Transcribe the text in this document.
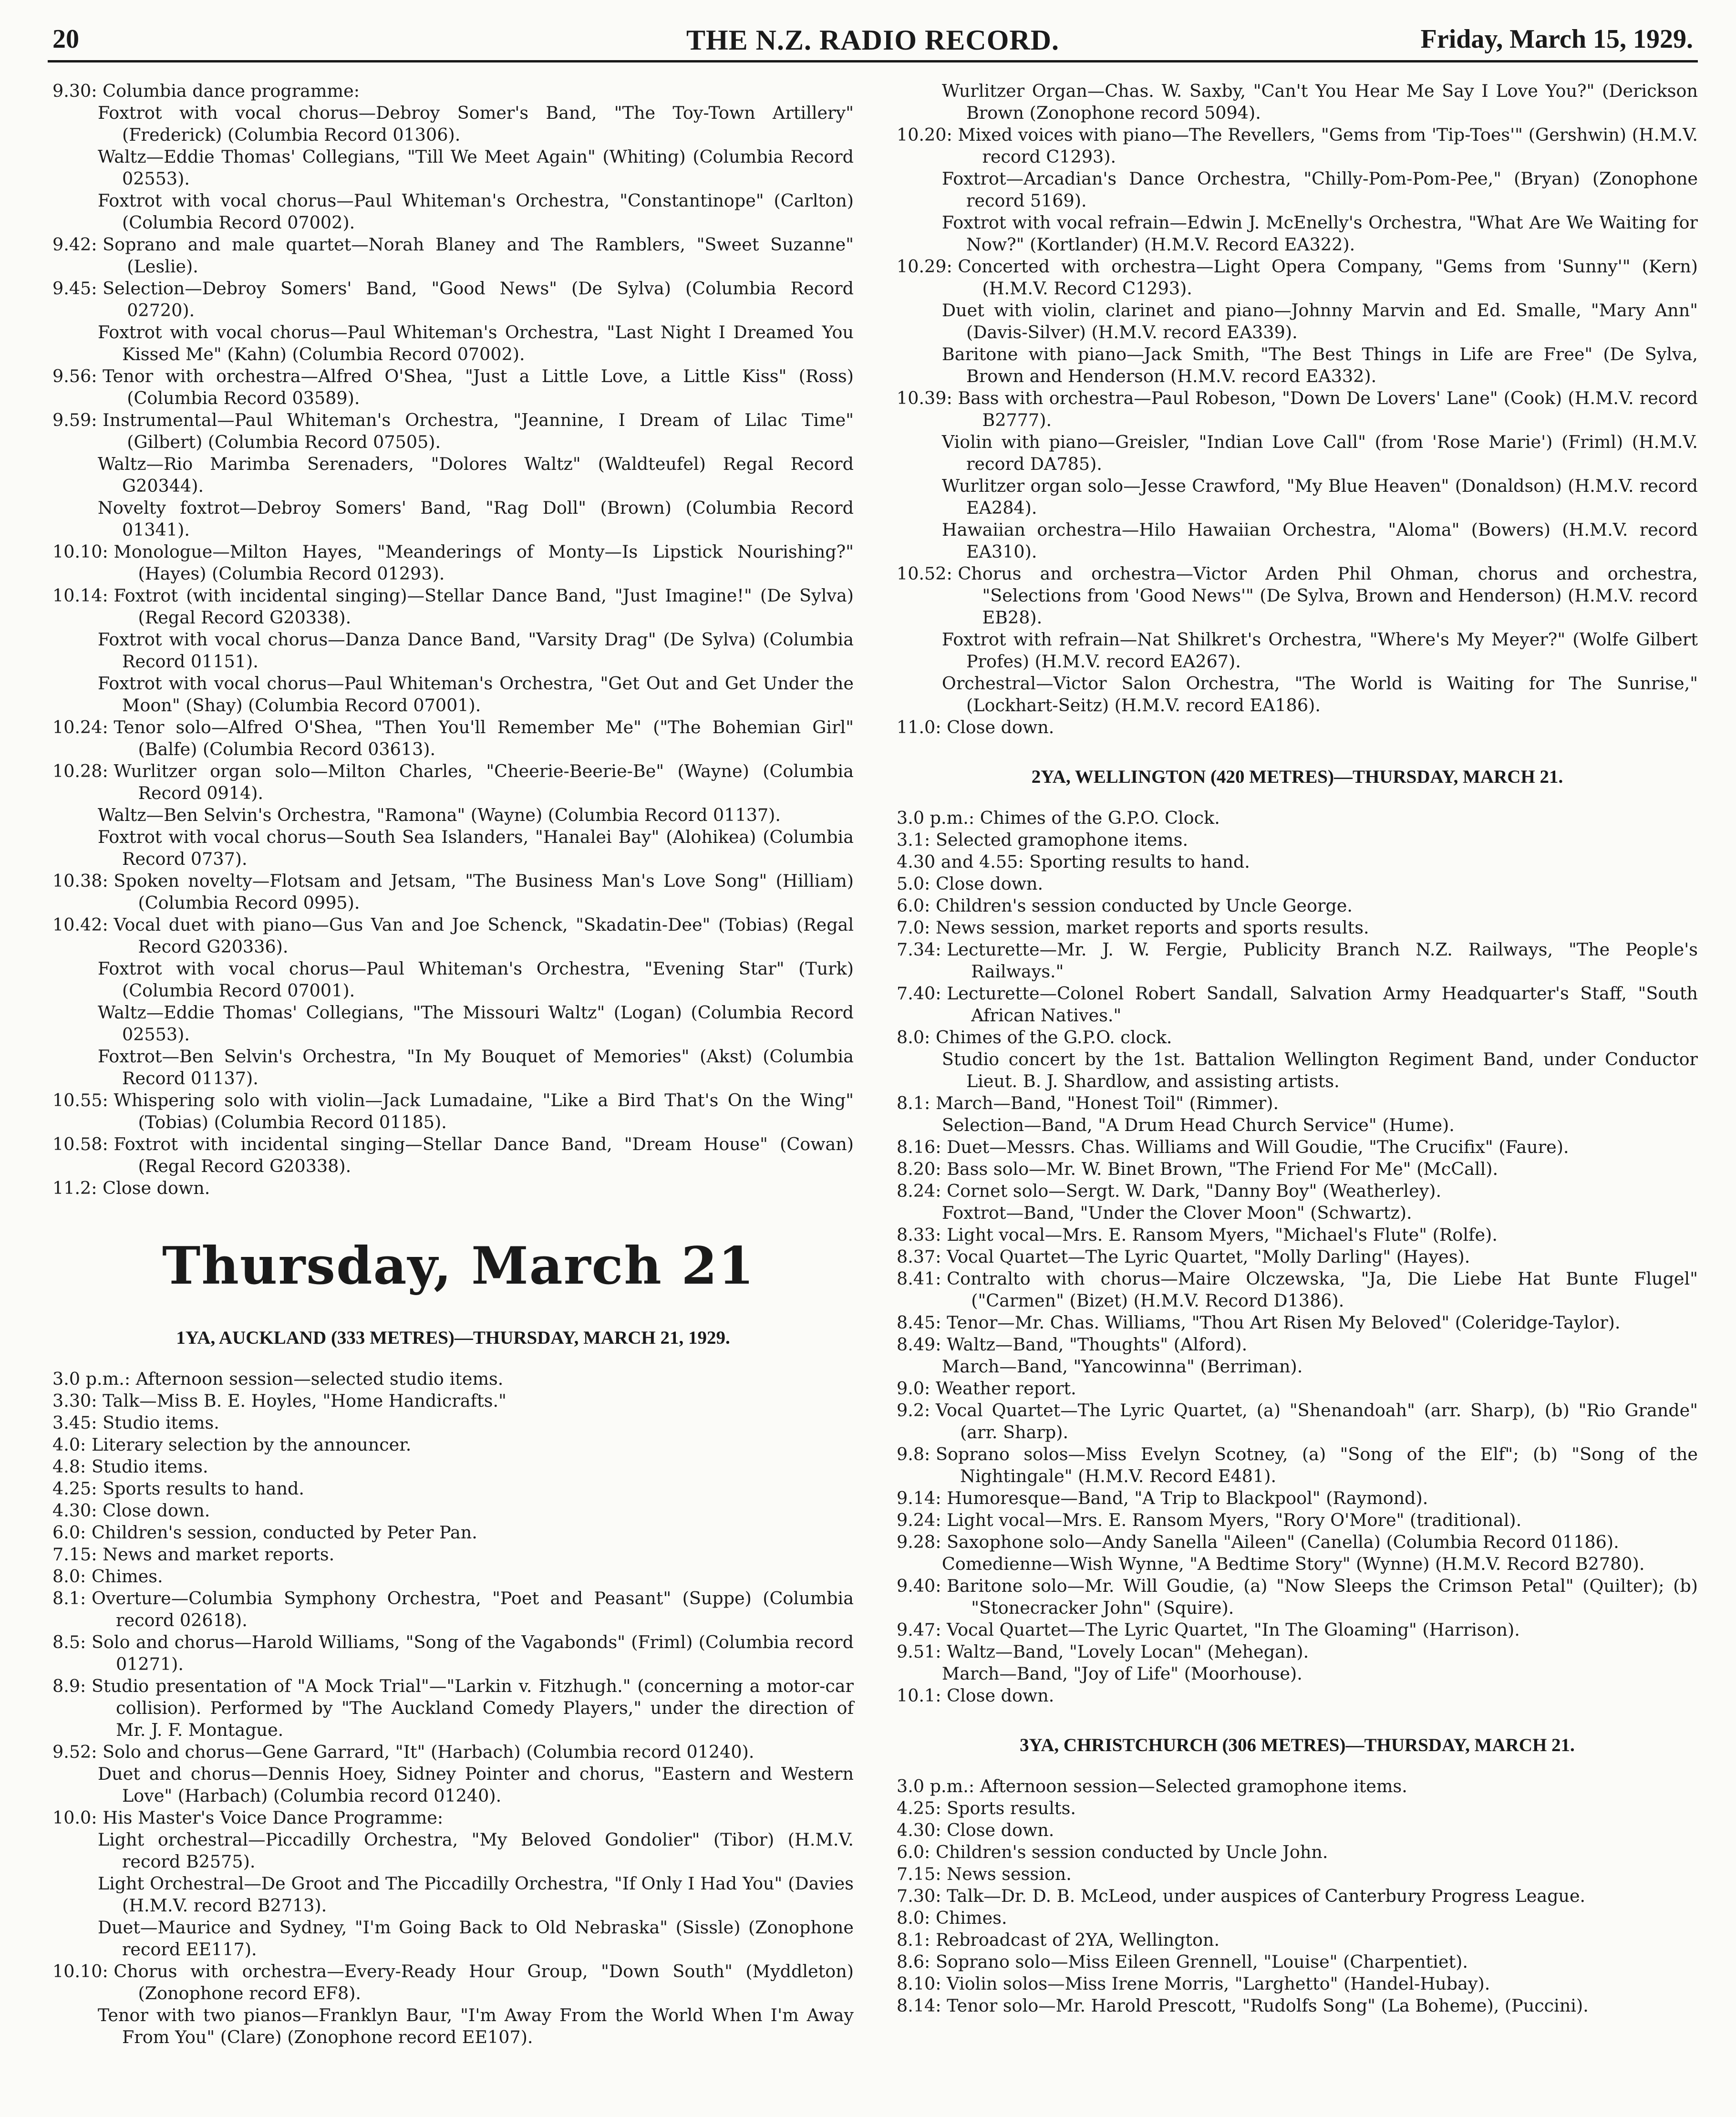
20	THE N.Z. RADIO RECORD.	Friday, March 15, 1929.
9.30: Columbia dance programme:
Foxtrot with vocal chorus—Debroy Somer's Band, "The Toy-Town Artillery" (Frederick) (Columbia Record 01306).
Waltz—Eddie Thomas' Collegians, "Till We Meet Again" (Whiting) (Columbia Record 02553).
Foxtrot with vocal chorus—Paul Whiteman's Orchestra, "Constantinope" (Carlton) (Columbia Record 07002).
9.42: Soprano and male quartet—Norah Blaney and The Ramblers, "Sweet Suzanne" (Leslie).
9.45: Selection—Debroy Somers' Band, "Good News" (De Sylva) (Columbia Record 02720).
Foxtrot with vocal chorus—Paul Whiteman's Orchestra, "Last Night I Dreamed You Kissed Me" (Kahn) (Columbia Record 07002).
9.56: Tenor with orchestra—Alfred O'Shea, "Just a Little Love, a Little Kiss" (Ross) (Columbia Record 03589).
9.59: Instrumental—Paul Whiteman's Orchestra, "Jeannine, I Dream of Lilac Time" (Gilbert) (Columbia Record 07505).
Waltz—Rio Marimba Serenaders, "Dolores Waltz" (Waldteufel) Regal Record G20344).
Novelty foxtrot—Debroy Somers' Band, "Rag Doll" (Brown) (Columbia Record 01341).
10.10: Monologue—Milton Hayes, "Meanderings of Monty—Is Lipstick Nourishing?" (Hayes) (Columbia Record 01293).
10.14: Foxtrot (with incidental singing)—Stellar Dance Band, "Just Imagine!" (De Sylva) (Regal Record G20338).
Foxtrot with vocal chorus—Danza Dance Band, "Varsity Drag" (De Sylva) (Columbia Record 01151).
Foxtrot with vocal chorus—Paul Whiteman's Orchestra, "Get Out and Get Under the Moon" (Shay) (Columbia Record 07001).
10.24: Tenor solo—Alfred O'Shea, "Then You'll Remember Me" ("The Bohemian Girl" (Balfe) (Columbia Record 03613).
10.28: Wurlitzer organ solo—Milton Charles, "Cheerie-Beerie-Be" (Wayne) (Columbia Record 0914).
Waltz—Ben Selvin's Orchestra, "Ramona" (Wayne) (Columbia Record 01137).
Foxtrot with vocal chorus—South Sea Islanders, "Hanalei Bay" (Alohikea) (Columbia Record 0737).
10.38: Spoken novelty—Flotsam and Jetsam, "The Business Man's Love Song" (Hilliam) (Columbia Record 0995).
10.42: Vocal duet with piano—Gus Van and Joe Schenck, "Skadatin-Dee" (Tobias) (Regal Record G20336).
Foxtrot with vocal chorus—Paul Whiteman's Orchestra, "Evening Star" (Turk) (Columbia Record 07001).
Waltz—Eddie Thomas' Collegians, "The Missouri Waltz" (Logan) (Columbia Record 02553).
Foxtrot—Ben Selvin's Orchestra, "In My Bouquet of Memories" (Akst) (Columbia Record 01137).
10.55: Whispering solo with violin—Jack Lumadaine, "Like a Bird That's On the Wing" (Tobias) (Columbia Record 01185).
10.58: Foxtrot with incidental singing—Stellar Dance Band, "Dream House" (Cowan) (Regal Record G20338).
11.2: Close down.
Thursday, March 21
1YA, AUCKLAND (333 METRES)—THURSDAY, MARCH 21, 1929.
3.0 p.m.: Afternoon session—selected studio items.
3.30: Talk—Miss B. E. Hoyles, "Home Handicrafts."
3.45: Studio items.
4.0: Literary selection by the announcer.
4.8: Studio items.
4.25: Sports results to hand.
4.30: Close down.
6.0: Children's session, conducted by Peter Pan.
7.15: News and market reports.
8.0: Chimes.
8.1: Overture—Columbia Symphony Orchestra, "Poet and Peasant" (Suppe) (Columbia record 02618).
8.5: Solo and chorus—Harold Williams, "Song of the Vagabonds" (Friml) (Columbia record 01271).
8.9: Studio presentation of "A Mock Trial"—"Larkin v. Fitzhugh." (concerning a motor-car collision). Performed by "The Auckland Comedy Players," under the direction of Mr. J. F. Montague.
9.52: Solo and chorus—Gene Garrard, "It" (Harbach) (Columbia record 01240).
Duet and chorus—Dennis Hoey, Sidney Pointer and chorus, "Eastern and Western Love" (Harbach) (Columbia record 01240).
10.0: His Master's Voice Dance Programme:
Light orchestral—Piccadilly Orchestra, "My Beloved Gondolier" (Tibor) (H.M.V. record B2575).
Light Orchestral—De Groot and The Piccadilly Orchestra, "If Only I Had You" (Davies (H.M.V. record B2713).
Duet—Maurice and Sydney, "I'm Going Back to Old Nebraska" (Sissle) (Zonophone record EE117).
10.10: Chorus with orchestra—Every-Ready Hour Group, "Down South" (Myddleton) (Zonophone record EF8).
Tenor with two pianos—Franklyn Baur, "I'm Away From the World When I'm Away From You" (Clare) (Zonophone record EE107).
Wurlitzer Organ—Chas. W. Saxby, "Can't You Hear Me Say I Love You?" (Derickson Brown (Zonophone record 5094).
10.20: Mixed voices with piano—The Revellers, "Gems from 'Tip-Toes'" (Gershwin) (H.M.V. record C1293).
Foxtrot—Arcadian's Dance Orchestra, "Chilly-Pom-Pom-Pee," (Bryan) (Zonophone record 5169).
Foxtrot with vocal refrain—Edwin J. McEnelly's Orchestra, "What Are We Waiting for Now?" (Kortlander) (H.M.V. Record EA322).
10.29: Concerted with orchestra—Light Opera Company, "Gems from 'Sunny'" (Kern) (H.M.V. Record C1293).
Duet with violin, clarinet and piano—Johnny Marvin and Ed. Smalle, "Mary Ann" (Davis-Silver) (H.M.V. record EA339).
Baritone with piano—Jack Smith, "The Best Things in Life are Free" (De Sylva, Brown and Henderson (H.M.V. record EA332).
10.39: Bass with orchestra—Paul Robeson, "Down De Lovers' Lane" (Cook) (H.M.V. record B2777).
Violin with piano—Greisler, "Indian Love Call" (from 'Rose Marie') (Friml) (H.M.V. record DA785).
Wurlitzer organ solo—Jesse Crawford, "My Blue Heaven" (Donaldson) (H.M.V. record EA284).
Hawaiian orchestra—Hilo Hawaiian Orchestra, "Aloma" (Bowers) (H.M.V. record EA310).
10.52: Chorus and orchestra—Victor Arden Phil Ohman, chorus and orchestra, "Selections from 'Good News'" (De Sylva, Brown and Henderson) (H.M.V. record EB28).
Foxtrot with refrain—Nat Shilkret's Orchestra, "Where's My Meyer?" (Wolfe Gilbert Profes) (H.M.V. record EA267).
Orchestral—Victor Salon Orchestra, "The World is Waiting for The Sunrise," (Lockhart-Seitz) (H.M.V. record EA186).
11.0: Close down.
2YA, WELLINGTON (420 METRES)—THURSDAY, MARCH 21.
3.0 p.m.: Chimes of the G.P.O. Clock.
3.1: Selected gramophone items.
4.30 and 4.55: Sporting results to hand.
5.0: Close down.
6.0: Children's session conducted by Uncle George.
7.0: News session, market reports and sports results.
7.34: Lecturette—Mr. J. W. Fergie, Publicity Branch N.Z. Railways, "The People's Railways."
7.40: Lecturette—Colonel Robert Sandall, Salvation Army Headquarter's Staff, "South African Natives."
8.0: Chimes of the G.P.O. clock.
Studio concert by the 1st. Battalion Wellington Regiment Band, under Conductor Lieut. B. J. Shardlow, and assisting artists.
8.1: March—Band, "Honest Toil" (Rimmer).
Selection—Band, "A Drum Head Church Service" (Hume).
8.16: Duet—Messrs. Chas. Williams and Will Goudie, "The Crucifix" (Faure).
8.20: Bass solo—Mr. W. Binet Brown, "The Friend For Me" (McCall).
8.24: Cornet solo—Sergt. W. Dark, "Danny Boy" (Weatherley).
Foxtrot—Band, "Under the Clover Moon" (Schwartz).
8.33: Light vocal—Mrs. E. Ransom Myers, "Michael's Flute" (Rolfe).
8.37: Vocal Quartet—The Lyric Quartet, "Molly Darling" (Hayes).
8.41: Contralto with chorus—Maire Olczewska, "Ja, Die Liebe Hat Bunte Flugel" ("Carmen" (Bizet) (H.M.V. Record D1386).
8.45: Tenor—Mr. Chas. Williams, "Thou Art Risen My Beloved" (Coleridge-Taylor).
8.49: Waltz—Band, "Thoughts" (Alford).
March—Band, "Yancowinna" (Berriman).
9.0: Weather report.
9.2: Vocal Quartet—The Lyric Quartet, (a) "Shenandoah" (arr. Sharp), (b) "Rio Grande" (arr. Sharp).
9.8: Soprano solos—Miss Evelyn Scotney, (a) "Song of the Elf"; (b) "Song of the Nightingale" (H.M.V. Record E481).
9.14: Humoresque—Band, "A Trip to Blackpool" (Raymond).
9.24: Light vocal—Mrs. E. Ransom Myers, "Rory O'More" (traditional).
9.28: Saxophone solo—Andy Sanella "Aileen" (Canella) (Columbia Record 01186).
Comedienne—Wish Wynne, "A Bedtime Story" (Wynne) (H.M.V. Record B2780).
9.40: Baritone solo—Mr. Will Goudie, (a) "Now Sleeps the Crimson Petal" (Quilter); (b) "Stonecracker John" (Squire).
9.47: Vocal Quartet—The Lyric Quartet, "In The Gloaming" (Harrison).
9.51: Waltz—Band, "Lovely Locan" (Mehegan).
March—Band, "Joy of Life" (Moorhouse).
10.1: Close down.
3YA, CHRISTCHURCH (306 METRES)—THURSDAY, MARCH 21.
3.0 p.m.: Afternoon session—Selected gramophone items.
4.25: Sports results.
4.30: Close down.
6.0: Children's session conducted by Uncle John.
7.15: News session.
7.30: Talk—Dr. D. B. McLeod, under auspices of Canterbury Progress League.
8.0: Chimes.
8.1: Rebroadcast of 2YA, Wellington.
8.6: Soprano solo—Miss Eileen Grennell, "Louise" (Charpentiet).
8.10: Violin solos—Miss Irene Morris, "Larghetto" (Handel-Hubay).
8.14: Tenor solo—Mr. Harold Prescott, "Rudolfs Song" (La Boheme), (Puccini).
